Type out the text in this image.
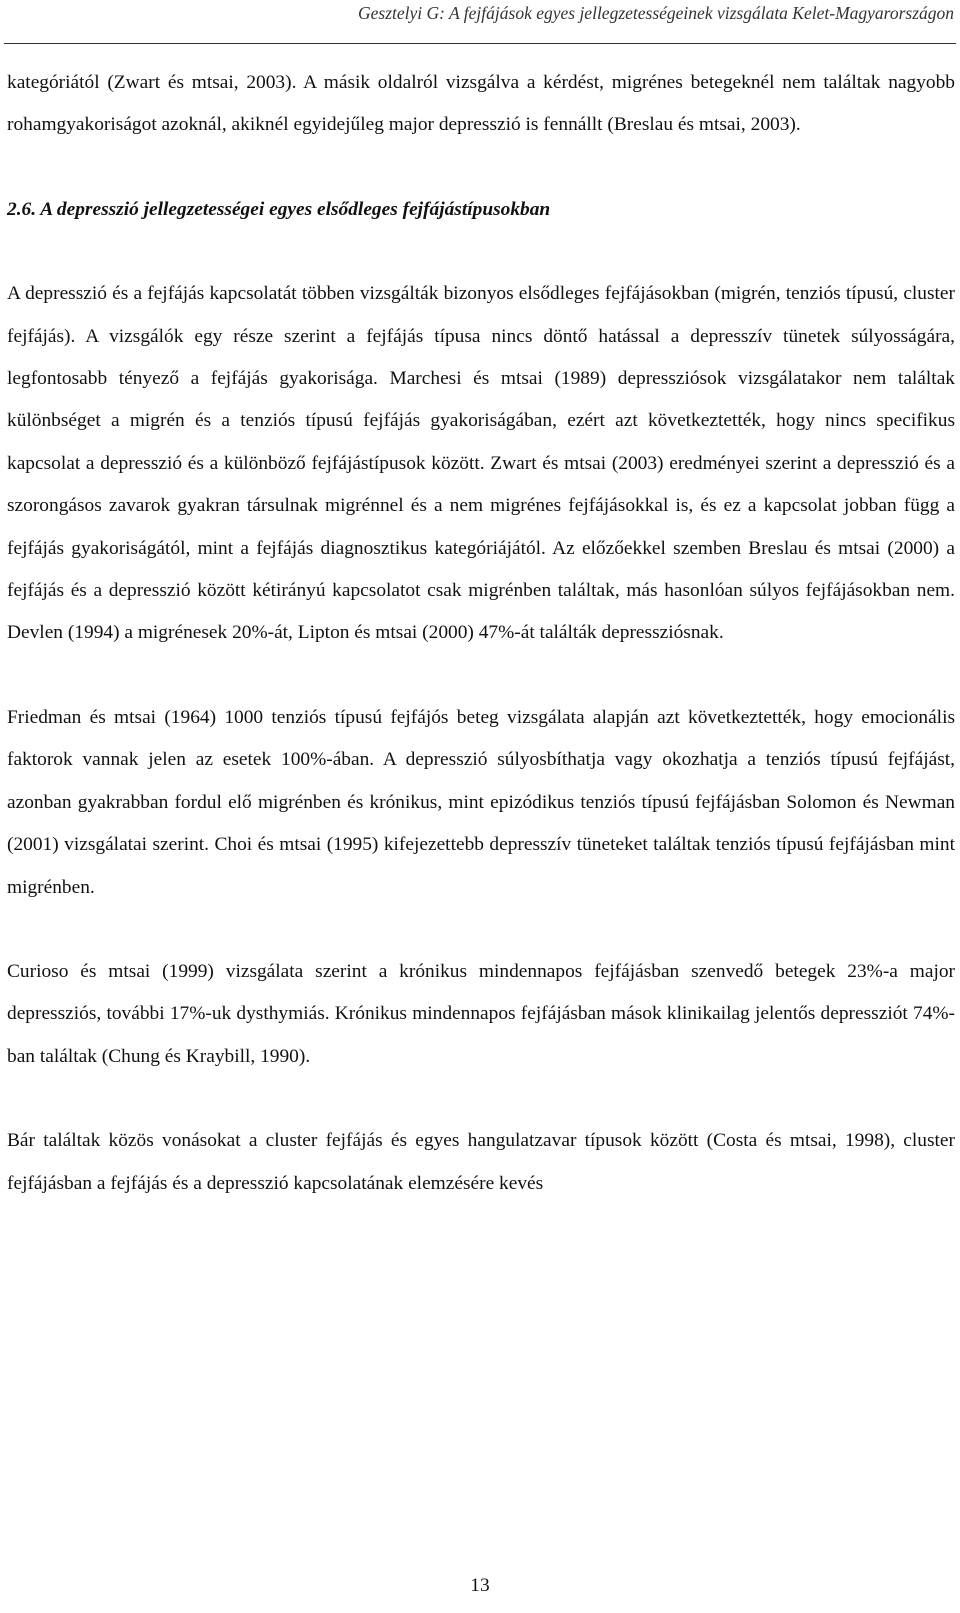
Gesztelyi G: A fejfájások egyes jellegzetességeinek vizsgálata Kelet-Magyarországon

kategóriától (Zwart és mtsai, 2003). A másik oldalról vizsgálva a kérdést, migrénes betegeknél nem találtak nagyobb rohamgyakoriságot azoknál, akiknél egyidejűleg major depresszió is fennállt (Breslau és mtsai, 2003).

2.6. A depresszió jellegzetességei egyes elsődleges fejfájástípusokban

A depresszió és a fejfájás kapcsolatát többen vizsgálták bizonyos elsődleges fejfájásokban (migrén, tenziós típusú, cluster fejfájás). A vizsgálók egy része szerint a fejfájás típusa nincs döntő hatással a depresszív tünetek súlyosságára, legfontosabb tényező a fejfájás gyakorisága. Marchesi és mtsai (1989) depressziósok vizsgálatakor nem találtak különbséget a migrén és a tenziós típusú fejfájás gyakoriságában, ezért azt következtették, hogy nincs specifikus kapcsolat a depresszió és a különböző fejfájástípusok között. Zwart és mtsai (2003) eredményei szerint a depresszió és a szorongásos zavarok gyakran társulnak migrénnel és a nem migrénes fejfájásokkal is, és ez a kapcsolat jobban függ a fejfájás gyakoriságától, mint a fejfájás diagnosztikus kategóriájától. Az előzőekkel szemben Breslau és mtsai (2000) a fejfájás és a depresszió között kétirányú kapcsolatot csak migrénben találtak, más hasonlóan súlyos fejfájásokban nem. Devlen (1994) a migrénesek 20%-át, Lipton és mtsai (2000) 47%-át találták depressziósnak.

Friedman és mtsai (1964) 1000 tenziós típusú fejfájós beteg vizsgálata alapján azt következtették, hogy emocionális faktorok vannak jelen az esetek 100%-ában. A depresszió súlyosbíthatja vagy okozhatja a tenziós típusú fejfájást, azonban gyakrabban fordul elő migrénben és krónikus, mint epizódikus tenziós típusú fejfájásban Solomon és Newman (2001) vizsgálatai szerint. Choi és mtsai (1995) kifejezettebb depresszív tüneteket találtak tenziós típusú fejfájásban mint migrénben.

Curioso és mtsai (1999) vizsgálata szerint a krónikus mindennapos fejfájásban szenvedő betegek 23%-a major depressziós, további 17%-uk dysthymiás. Krónikus mindennapos fejfájásban mások klinikailag jelentős depressziót 74%-ban találtak (Chung és Kraybill, 1990).

Bár találtak közös vonásokat a cluster fejfájás és egyes hangulatzavar típusok között (Costa és mtsai, 1998), cluster fejfájásban a fejfájás és a depresszió kapcsolatának elemzésére kevés

13
